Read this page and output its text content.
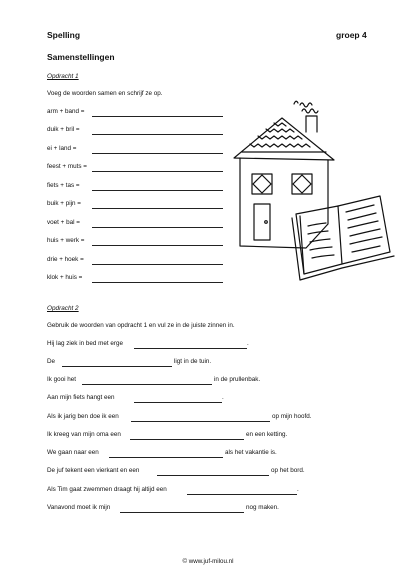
Spelling	groep 4
Samenstellingen
Opdracht 1
Voeg de woorden samen en schrijf ze op.
arm + band =
duik + bril =
ei + land =
feest + muts =
fiets + tas =
buik + pijn =
voet + bal =
huis + werk =
drie + hoek =
klok + huis =
Opdracht 2
Gebruik de woorden van opdracht 1 en vul ze in de juiste zinnen in.
Hij lag ziek in bed met erge	.
De	ligt in de tuin.
Ik gooi het	in de prullenbak.
Aan mijn fiets hangt een	.
Als ik jarig ben doe ik een	op mijn hoofd.
Ik kreeg van mijn oma een	en een ketting.
We gaan naar een	als het vakantie is.
De juf tekent een vierkant en een	op het bord.
Als Tim gaat zwemmen draagt hij altijd een	.
Vanavond moet ik mijn	nog maken.
© www.juf-milou.nl
